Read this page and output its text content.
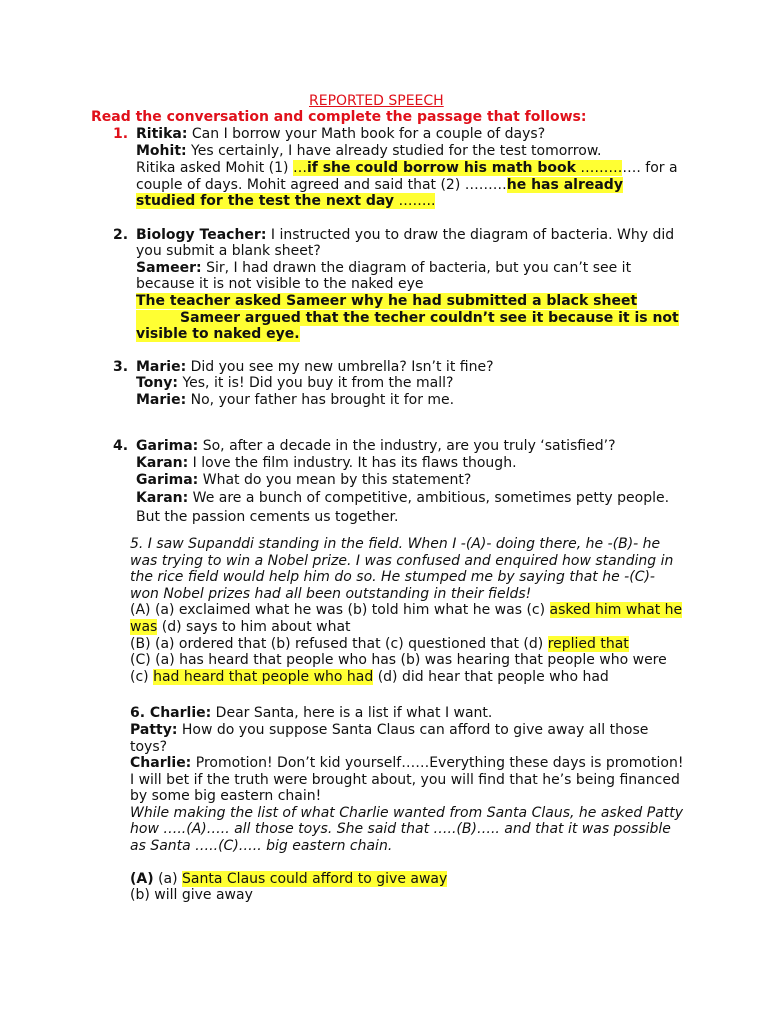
REPORTED SPEECH
Read the conversation and complete the passage that follows:
1. Ritika: Can I borrow your Math book for a couple of days?
Mohit: Yes certainly, I have already studied for the test tomorrow.
Ritika asked Mohit (1) …if she could borrow his math book …………. for a
couple of days. Mohit agreed and said that (2) ………he has already
studied for the test the next day ……..
2. Biology Teacher: I instructed you to draw the diagram of bacteria. Why did
you submit a blank sheet?
Sameer: Sir, I had drawn the diagram of bacteria, but you can’t see it
because it is not visible to the naked eye
The teacher asked Sameer why he had submitted a black sheet
Sameer argued that the techer couldn’t see it because it is not
visible to naked eye.
3. Marie: Did you see my new umbrella? Isn’t it fine?
Tony: Yes, it is! Did you buy it from the mall?
Marie: No, your father has brought it for me.
4. Garima: So, after a decade in the industry, are you truly ‘satisfied’?
Karan: I love the film industry. It has its flaws though.
Garima: What do you mean by this statement?
Karan: We are a bunch of competitive, ambitious, sometimes petty people.
But the passion cements us together.
5. I saw Supanddi standing in the field. When I -(A)- doing there, he -(B)- he
was trying to win a Nobel prize. I was confused and enquired how standing in
the rice field would help him do so. He stumped me by saying that he -(C)-
won Nobel prizes had all been outstanding in their fields!
(A) (a) exclaimed what he was (b) told him what he was (c) asked him what he
was (d) says to him about what
(B) (a) ordered that (b) refused that (c) questioned that (d) replied that
(C) (a) has heard that people who has (b) was hearing that people who were
(c) had heard that people who had (d) did hear that people who had
6. Charlie: Dear Santa, here is a list if what I want.
Patty: How do you suppose Santa Claus can afford to give away all those
toys?
Charlie: Promotion! Don’t kid yourself……Everything these days is promotion!
I will bet if the truth were brought about, you will find that he’s being financed
by some big eastern chain!
While making the list of what Charlie wanted from Santa Claus, he asked Patty
how …..(A)….. all those toys. She said that …..(B)….. and that it was possible
as Santa …..(C)….. big eastern chain.
(A) (a) Santa Claus could afford to give away
(b) will give away
